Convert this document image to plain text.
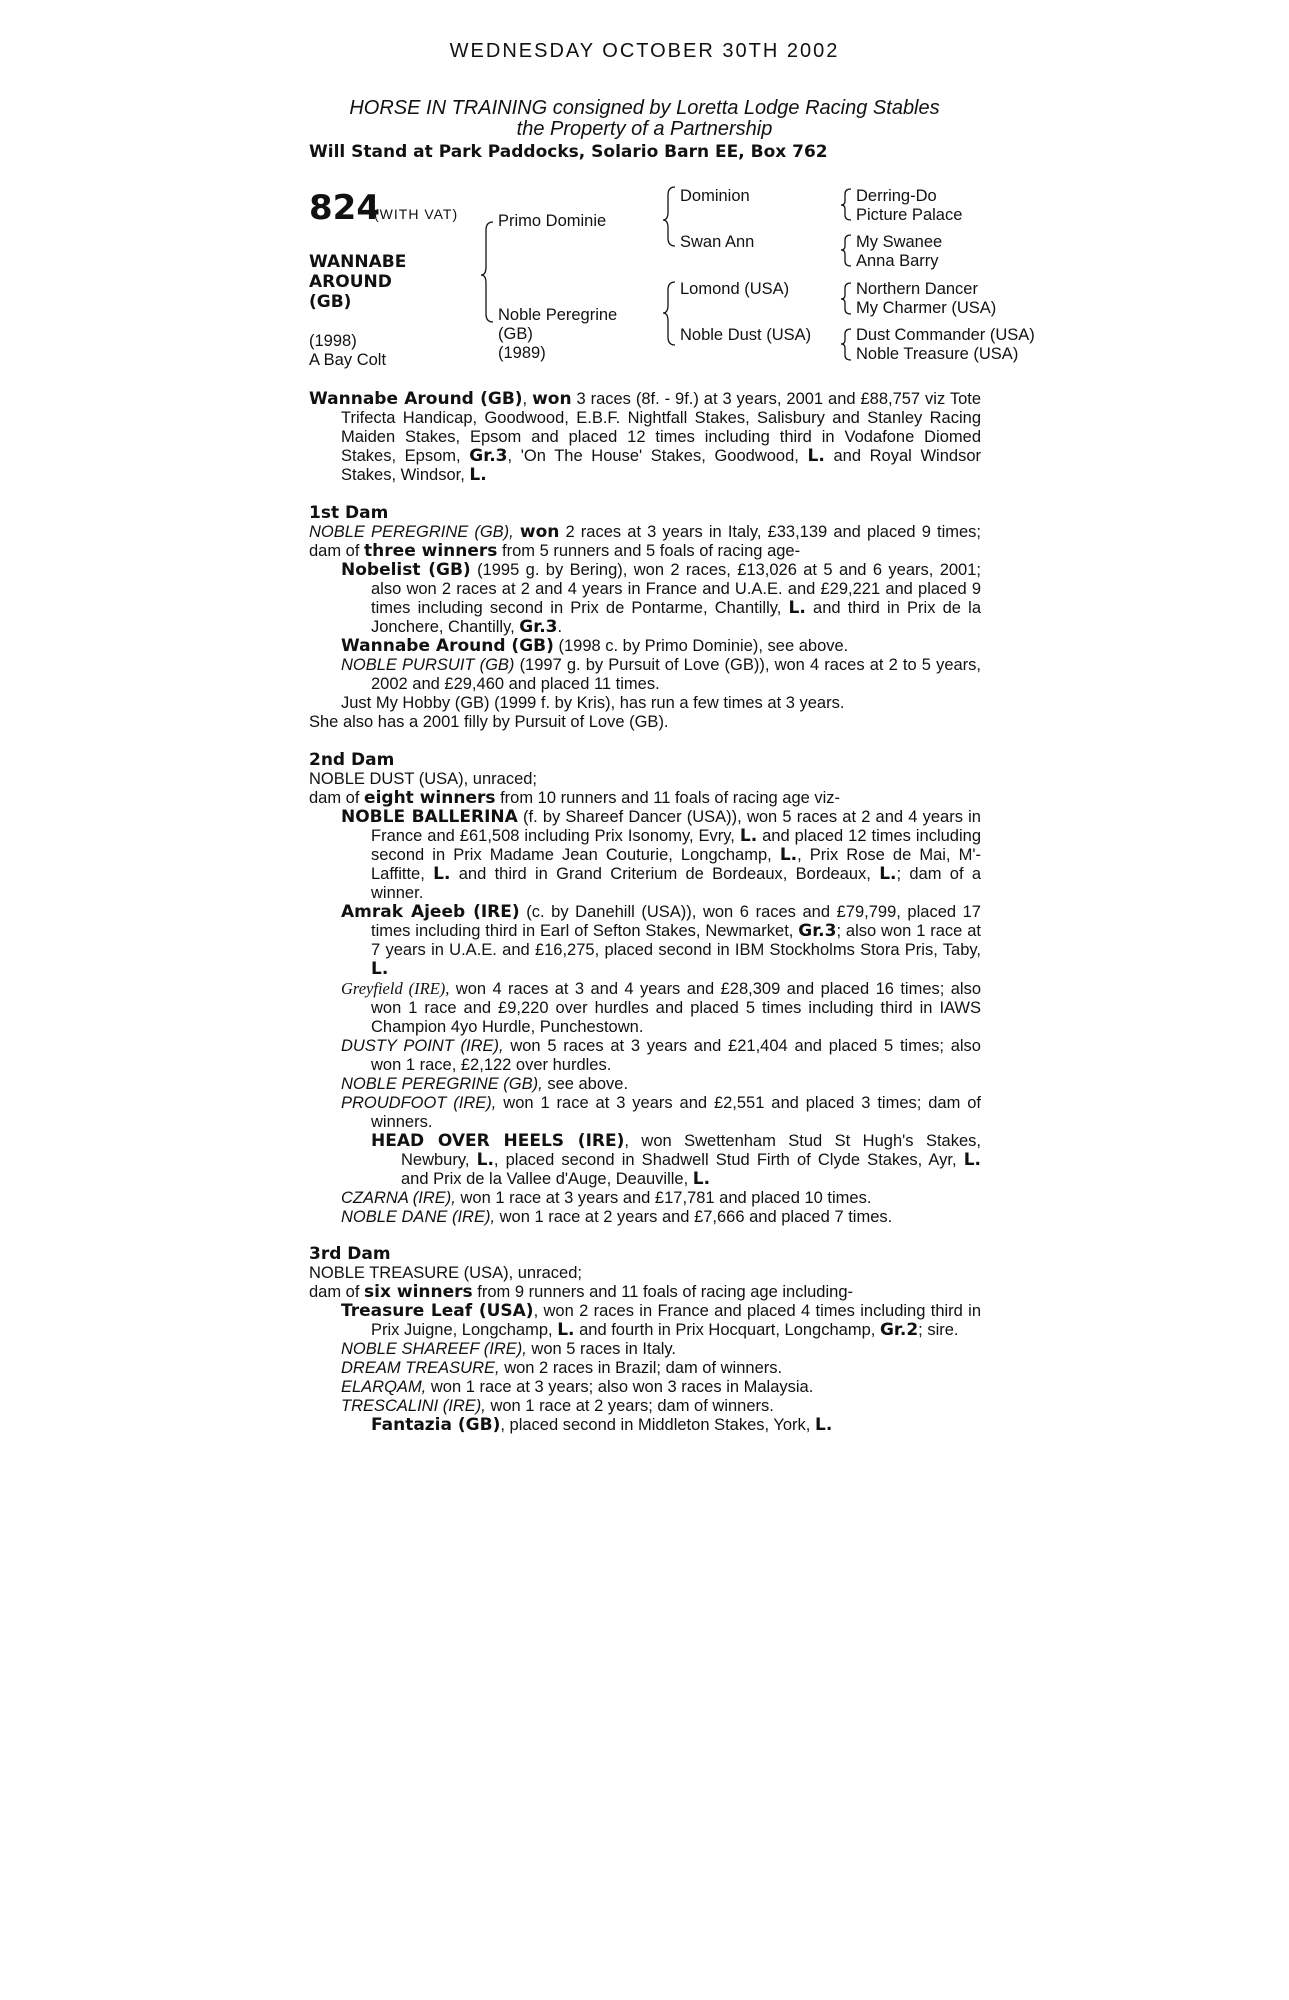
WEDNESDAY OCTOBER 30TH 2002
HORSE IN TRAINING consigned by Loretta Lodge Racing Stables
the Property of a Partnership
Will Stand at Park Paddocks, Solario Barn EE, Box 762
824
(WITH VAT)
WANNABE
AROUND
(GB)
(1998)
A Bay Colt
Primo Dominie
Noble Peregrine
(GB)
(1989)
Dominion
Swan Ann
Lomond (USA)
Noble Dust (USA)
Derring-Do
Picture Palace
My Swanee
Anna Barry
Northern Dancer
My Charmer (USA)
Dust Commander (USA)
Noble Treasure (USA)

Wannabe Around (GB), won 3 races (8f. - 9f.) at 3 years, 2001 and £88,757 viz Tote Trifecta Handicap, Goodwood, E.B.F. Nightfall Stakes, Salisbury and Stanley Racing Maiden Stakes, Epsom and placed 12 times including third in Vodafone Diomed Stakes, Epsom, Gr.3, 'On The House' Stakes, Goodwood, L. and Royal Windsor Stakes, Windsor, L.

1st Dam

NOBLE PEREGRINE (GB), won 2 races at 3 years in Italy, £33,139 and placed 9 times; dam of three winners from 5 runners and 5 foals of racing age-

Nobelist (GB) (1995 g. by Bering), won 2 races, £13,026 at 5 and 6 years, 2001; also won 2 races at 2 and 4 years in France and U.A.E. and £29,221 and placed 9 times including second in Prix de Pontarme, Chantilly, L. and third in Prix de la Jonchere, Chantilly, Gr.3.

Wannabe Around (GB) (1998 c. by Primo Dominie), see above.

NOBLE PURSUIT (GB) (1997 g. by Pursuit of Love (GB)), won 4 races at 2 to 5 years, 2002 and £29,460 and placed 11 times.

Just My Hobby (GB) (1999 f. by Kris), has run a few times at 3 years.

She also has a 2001 filly by Pursuit of Love (GB).

2nd Dam

NOBLE DUST (USA), unraced;

dam of eight winners from 10 runners and 11 foals of racing age viz-

NOBLE BALLERINA (f. by Shareef Dancer (USA)), won 5 races at 2 and 4 years in France and £61,508 including Prix Isonomy, Evry, L. and placed 12 times including second in Prix Madame Jean Couturie, Longchamp, L., Prix Rose de Mai, M'-Laffitte, L. and third in Grand Criterium de Bordeaux, Bordeaux, L.; dam of a winner.

Amrak Ajeeb (IRE) (c. by Danehill (USA)), won 6 races and £79,799, placed 17 times including third in Earl of Sefton Stakes, Newmarket, Gr.3; also won 1 race at 7 years in U.A.E. and £16,275, placed second in IBM Stockholms Stora Pris, Taby, L.

Greyfield (IRE), won 4 races at 3 and 4 years and £28,309 and placed 16 times; also won 1 race and £9,220 over hurdles and placed 5 times including third in IAWS Champion 4yo Hurdle, Punchestown.

DUSTY POINT (IRE), won 5 races at 3 years and £21,404 and placed 5 times; also won 1 race, £2,122 over hurdles.

NOBLE PEREGRINE (GB), see above.

PROUDFOOT (IRE), won 1 race at 3 years and £2,551 and placed 3 times; dam of winners.

HEAD OVER HEELS (IRE), won Swettenham Stud St Hugh's Stakes, Newbury, L., placed second in Shadwell Stud Firth of Clyde Stakes, Ayr, L. and Prix de la Vallee d'Auge, Deauville, L.

CZARNA (IRE), won 1 race at 3 years and £17,781 and placed 10 times.

NOBLE DANE (IRE), won 1 race at 2 years and £7,666 and placed 7 times.

3rd Dam

NOBLE TREASURE (USA), unraced;

dam of six winners from 9 runners and 11 foals of racing age including-

Treasure Leaf (USA), won 2 races in France and placed 4 times including third in Prix Juigne, Longchamp, L. and fourth in Prix Hocquart, Longchamp, Gr.2; sire.

NOBLE SHAREEF (IRE), won 5 races in Italy.

DREAM TREASURE, won 2 races in Brazil; dam of winners.

ELARQAM, won 1 race at 3 years; also won 3 races in Malaysia.

TRESCALINI (IRE), won 1 race at 2 years; dam of winners.

Fantazia (GB), placed second in Middleton Stakes, York, L.
